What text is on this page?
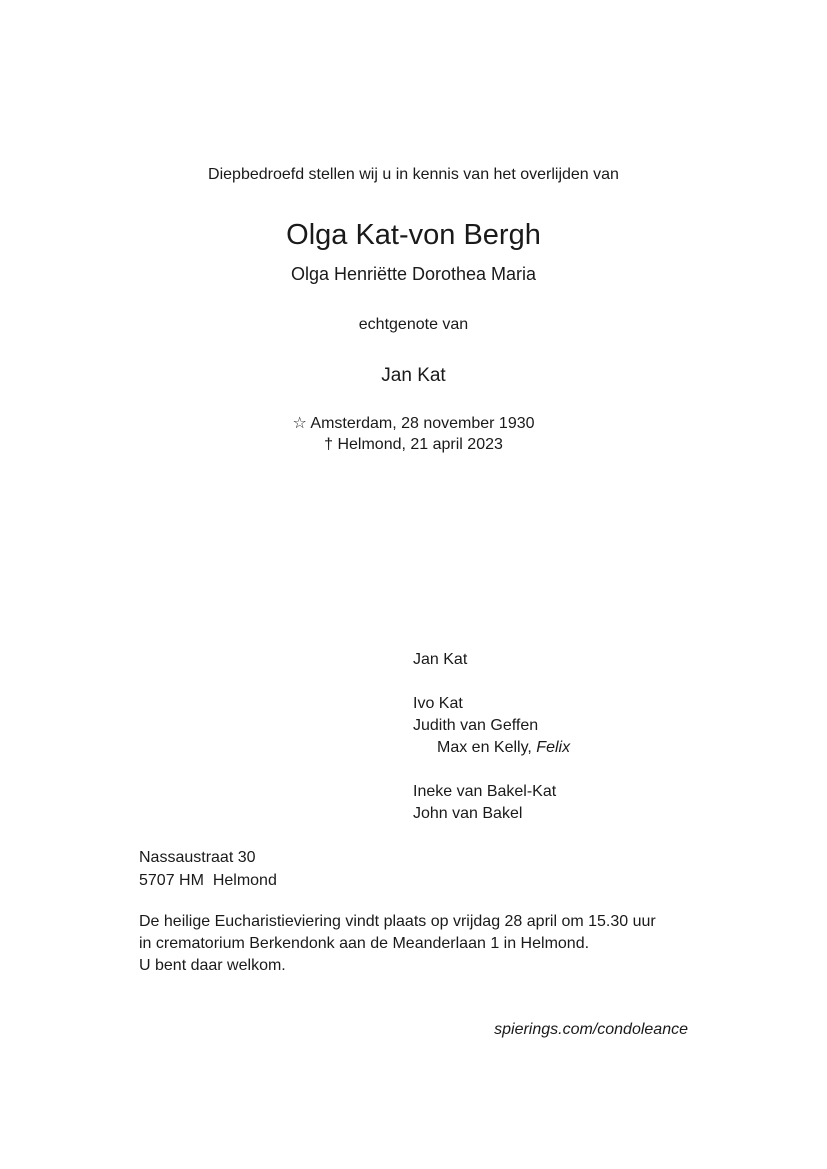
Diepbedroefd stellen wij u in kennis van het overlijden van
Olga Kat-von Bergh
Olga Henriëtte Dorothea Maria
echtgenote van
Jan Kat
☆ Amsterdam, 28 november 1930
† Helmond, 21 april 2023
Jan Kat
Ivo Kat
Judith van Geffen
Max en Kelly, Felix
Ineke van Bakel-Kat
John van Bakel
Nassaustraat 30
5707 HM  Helmond
De heilige Eucharistieviering vindt plaats op vrijdag 28 april om 15.30 uur
in crematorium Berkendonk aan de Meanderlaan 1 in Helmond.
U bent daar welkom.
spierings.com/condoleance
